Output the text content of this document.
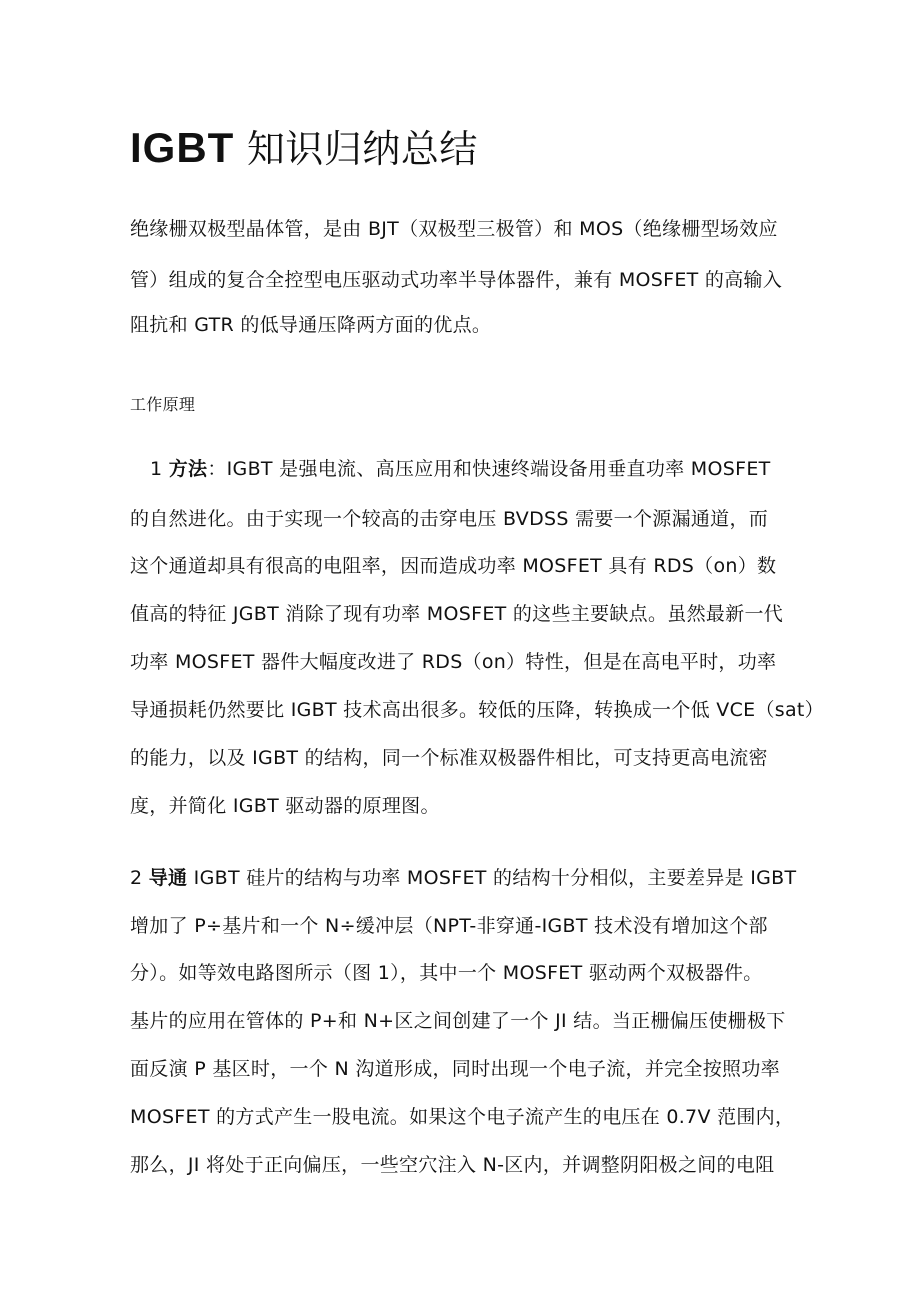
IGBT 知识归纳总结

绝缘栅双极型晶体管，是由 BJT（双极型三极管）和 MOS（绝缘栅型场效应

管）组成的复合全控型电压驱动式功率半导体器件，兼有 MOSFET 的高输入

阻抗和 GTR 的低导通压降两方面的优点。

工作原理

1 方法：IGBT 是强电流、高压应用和快速终端设备用垂直功率 MOSFET

的自然进化。由于实现一个较高的击穿电压 BVDSS 需要一个源漏通道，而

这个通道却具有很高的电阻率，因而造成功率 MOSFET 具有 RDS（on）数

值高的特征 JGBT 消除了现有功率 MOSFET 的这些主要缺点。虽然最新一代

功率 MOSFET 器件大幅度改进了 RDS（on）特性，但是在高电平时，功率

导通损耗仍然要比 IGBT 技术高出很多。较低的压降，转换成一个低 VCE（sat）

的能力，以及 IGBT 的结构，同一个标准双极器件相比，可支持更高电流密

度，并简化 IGBT 驱动器的原理图。

2 导通 IGBT 硅片的结构与功率 MOSFET 的结构十分相似，主要差异是 IGBT

增加了 P÷基片和一个 N÷缓冲层（NPT-非穿通-IGBT 技术没有增加这个部

分）。如等效电路图所示（图 1），其中一个 MOSFET 驱动两个双极器件。

基片的应用在管体的 P+和 N+区之间创建了一个 JI 结。当正栅偏压使栅极下

面反演 P 基区时，一个 N 沟道形成，同时出现一个电子流，并完全按照功率

MOSFET 的方式产生一股电流。如果这个电子流产生的电压在 0.7V 范围内，

那么，JI 将处于正向偏压，一些空穴注入 N-区内，并调整阴阳极之间的电阻
